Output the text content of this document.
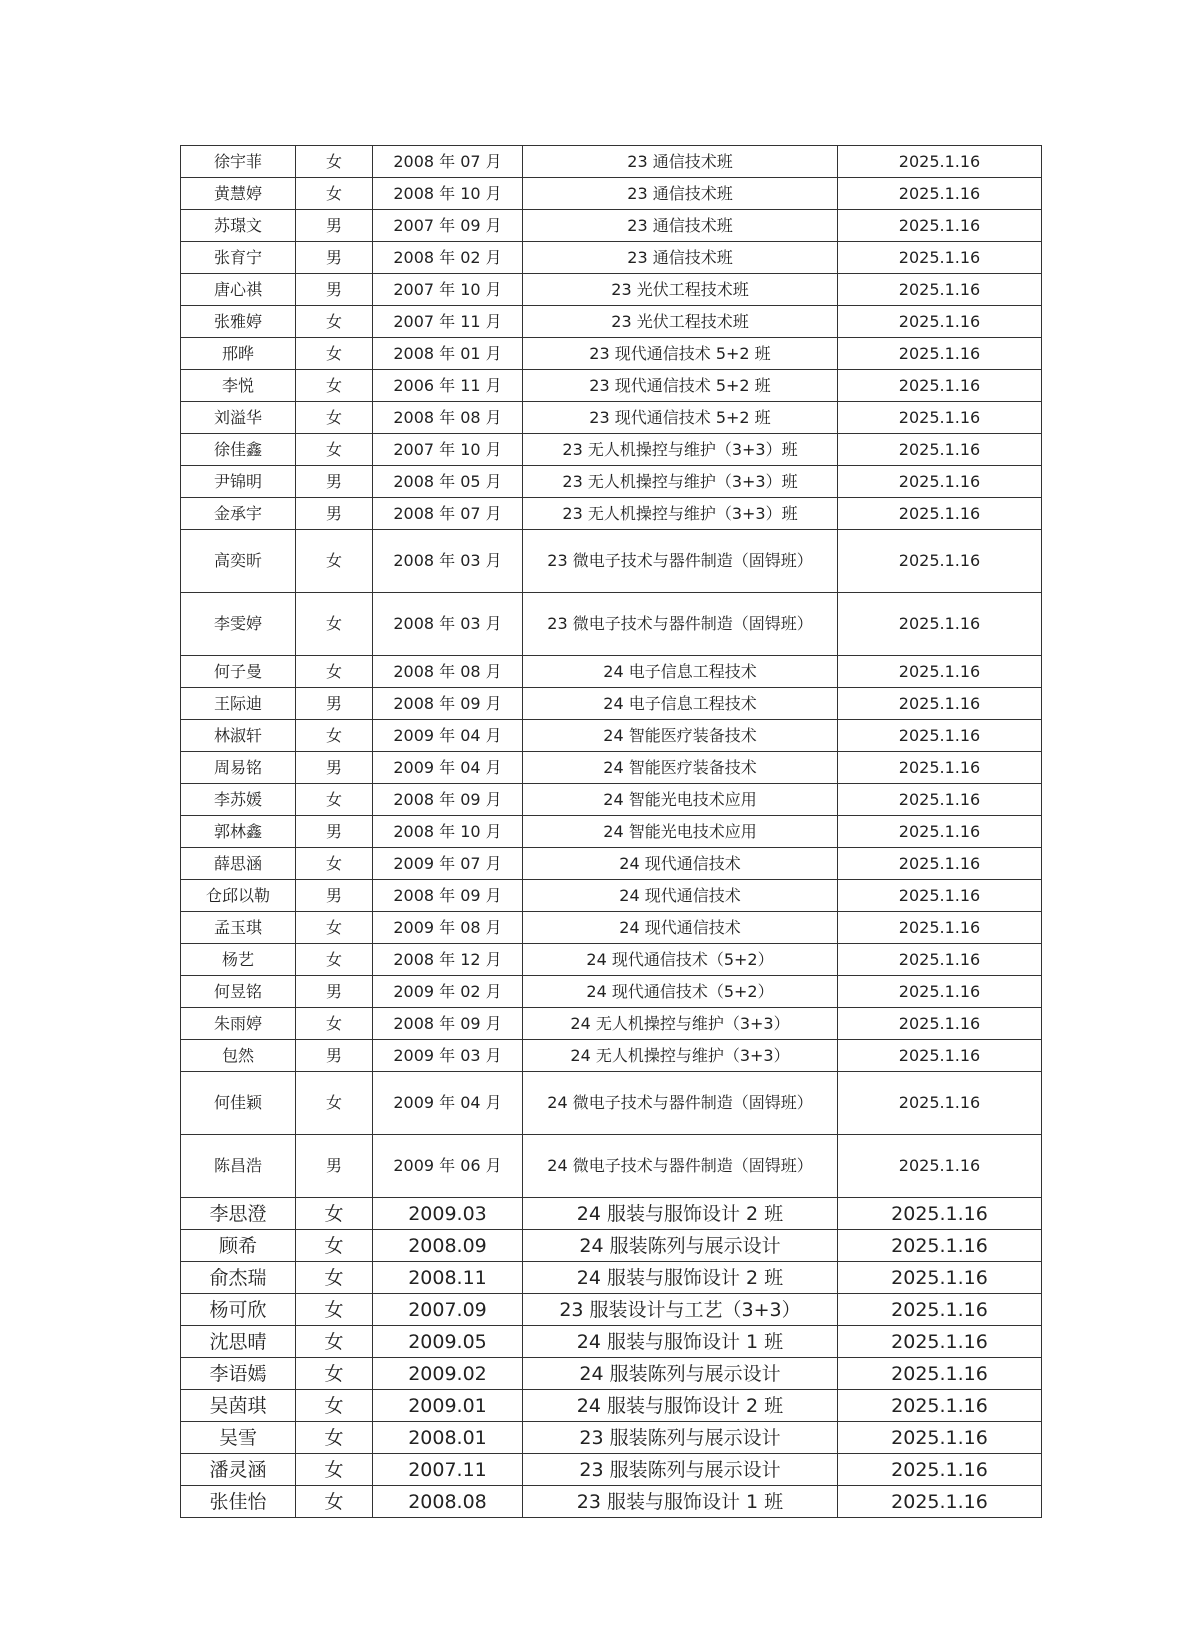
徐宇菲	女	2008 年 07 月	23 通信技术班	2025.1.16
黄慧婷	女	2008 年 10 月	23 通信技术班	2025.1.16
苏璟文	男	2007 年 09 月	23 通信技术班	2025.1.16
张育宁	男	2008 年 02 月	23 通信技术班	2025.1.16
唐心祺	男	2007 年 10 月	23 光伏工程技术班	2025.1.16
张雅婷	女	2007 年 11 月	23 光伏工程技术班	2025.1.16
邢晔	女	2008 年 01 月	23 现代通信技术 5+2 班	2025.1.16
李悦	女	2006 年 11 月	23 现代通信技术 5+2 班	2025.1.16
刘溢华	女	2008 年 08 月	23 现代通信技术 5+2 班	2025.1.16
徐佳鑫	女	2007 年 10 月	23 无人机操控与维护（3+3）班	2025.1.16
尹锦明	男	2008 年 05 月	23 无人机操控与维护（3+3）班	2025.1.16
金承宇	男	2008 年 07 月	23 无人机操控与维护（3+3）班	2025.1.16
高奕昕	女	2008 年 03 月	23 微电子技术与器件制造（固锝班）	2025.1.16
李雯婷	女	2008 年 03 月	23 微电子技术与器件制造（固锝班）	2025.1.16
何子曼	女	2008 年 08 月	24 电子信息工程技术	2025.1.16
王际迪	男	2008 年 09 月	24 电子信息工程技术	2025.1.16
林淑轩	女	2009 年 04 月	24 智能医疗装备技术	2025.1.16
周易铭	男	2009 年 04 月	24 智能医疗装备技术	2025.1.16
李苏媛	女	2008 年 09 月	24 智能光电技术应用	2025.1.16
郭林鑫	男	2008 年 10 月	24 智能光电技术应用	2025.1.16
薛思涵	女	2009 年 07 月	24 现代通信技术	2025.1.16
仓邱以勒	男	2008 年 09 月	24 现代通信技术	2025.1.16
孟玉琪	女	2009 年 08 月	24 现代通信技术	2025.1.16
杨艺	女	2008 年 12 月	24 现代通信技术（5+2）	2025.1.16
何昱铭	男	2009 年 02 月	24 现代通信技术（5+2）	2025.1.16
朱雨婷	女	2008 年 09 月	24 无人机操控与维护（3+3）	2025.1.16
包然	男	2009 年 03 月	24 无人机操控与维护（3+3）	2025.1.16
何佳颖	女	2009 年 04 月	24 微电子技术与器件制造（固锝班）	2025.1.16
陈昌浩	男	2009 年 06 月	24 微电子技术与器件制造（固锝班）	2025.1.16
李思澄	女	2009.03	24 服装与服饰设计 2 班	2025.1.16
顾希	女	2008.09	24 服装陈列与展示设计	2025.1.16
俞杰瑞	女	2008.11	24 服装与服饰设计 2 班	2025.1.16
杨可欣	女	2007.09	23 服装设计与工艺（3+3）	2025.1.16
沈思晴	女	2009.05	24 服装与服饰设计 1 班	2025.1.16
李语嫣	女	2009.02	24 服装陈列与展示设计	2025.1.16
吴茵琪	女	2009.01	24 服装与服饰设计 2 班	2025.1.16
吴雪	女	2008.01	23 服装陈列与展示设计	2025.1.16
潘灵涵	女	2007.11	23 服装陈列与展示设计	2025.1.16
张佳怡	女	2008.08	23 服装与服饰设计 1 班	2025.1.16
